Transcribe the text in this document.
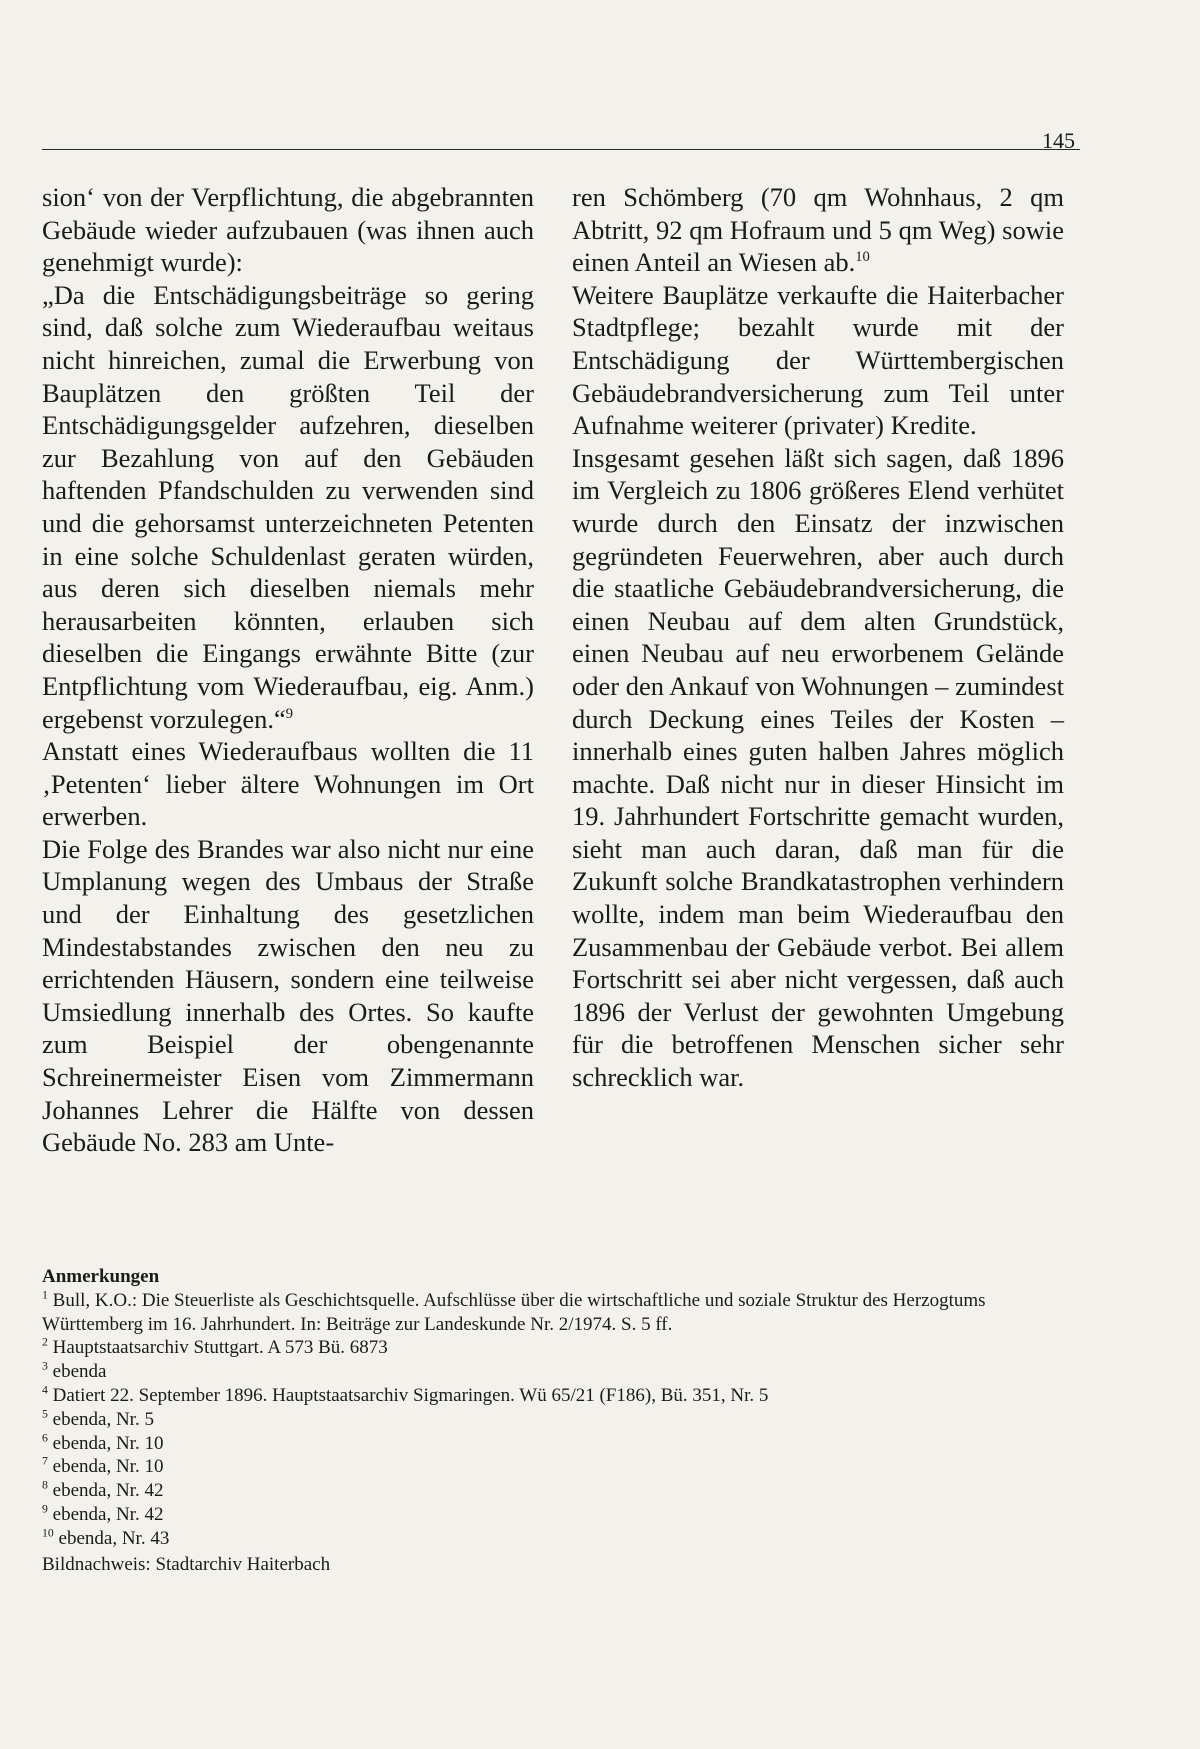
145

sion‘ von der Verpflichtung, die abgebrannten Gebäude wieder aufzubauen (was ihnen auch genehmigt wurde):

„Da die Entschädigungsbeiträge so gering sind, daß solche zum Wiederaufbau weitaus nicht hinreichen, zumal die Erwerbung von Bauplätzen den größten Teil der Entschädigungsgelder aufzehren, dieselben zur Bezahlung von auf den Gebäuden haftenden Pfandschulden zu verwenden sind und die gehorsamst unterzeichneten Petenten in eine solche Schuldenlast geraten würden, aus deren sich dieselben niemals mehr herausarbeiten könnten, erlauben sich dieselben die Eingangs erwähnte Bitte (zur Entpflichtung vom Wiederaufbau, eig. Anm.) ergebenst vorzulegen.“$^9$

Anstatt eines Wiederaufbaus wollten die 11 ‚Petenten‘ lieber ältere Wohnungen im Ort erwerben.

Die Folge des Brandes war also nicht nur eine Umplanung wegen des Umbaus der Straße und der Einhaltung des gesetzlichen Mindestabstandes zwischen den neu zu errichtenden Häusern, sondern eine teilweise Umsiedlung innerhalb des Ortes. So kaufte zum Beispiel der obengenannte Schreinermeister Eisen vom Zimmermann Johannes Lehrer die Hälfte von dessen Gebäude No. 283 am Unte-

ren Schömberg (70 qm Wohnhaus, 2 qm Abtritt, 92 qm Hofraum und 5 qm Weg) sowie einen Anteil an Wiesen ab.$^{10}$

Weitere Bauplätze verkaufte die Haiterbacher Stadtpflege; bezahlt wurde mit der Entschädigung der Württembergischen Gebäudebrandversicherung zum Teil unter Aufnahme weiterer (privater) Kredite.

Insgesamt gesehen läßt sich sagen, daß 1896 im Vergleich zu 1806 größeres Elend verhütet wurde durch den Einsatz der inzwischen gegründeten Feuerwehren, aber auch durch die staatliche Gebäudebrandversicherung, die einen Neubau auf dem alten Grundstück, einen Neubau auf neu erworbenem Gelände oder den Ankauf von Wohnungen – zumindest durch Deckung eines Teiles der Kosten – innerhalb eines guten halben Jahres möglich machte. Daß nicht nur in dieser Hinsicht im 19. Jahrhundert Fortschritte gemacht wurden, sieht man auch daran, daß man für die Zukunft solche Brandkatastrophen verhindern wollte, indem man beim Wiederaufbau den Zusammenbau der Gebäude verbot. Bei allem Fortschritt sei aber nicht vergessen, daß auch 1896 der Verlust der gewohnten Umgebung für die betroffenen Menschen sicher sehr schrecklich war.

Anmerkungen
$^1$ Bull, K.O.: Die Steuerliste als Geschichtsquelle. Aufschlüsse über die wirtschaftliche und soziale Struktur des Herzogtums Württemberg im 16. Jahrhundert. In: Beiträge zur Landeskunde Nr. 2/1974. S. 5 ff.
$^2$ Hauptstaatsarchiv Stuttgart. A 573 Bü. 6873
$^3$ ebenda
$^4$ Datiert 22. September 1896. Hauptstaatsarchiv Sigmaringen. Wü 65/21 (F186), Bü. 351, Nr. 5
$^5$ ebenda, Nr. 5
$^6$ ebenda, Nr. 10
$^7$ ebenda, Nr. 10
$^8$ ebenda, Nr. 42
$^9$ ebenda, Nr. 42
$^{10}$ ebenda, Nr. 43
Bildnachweis: Stadtarchiv Haiterbach
